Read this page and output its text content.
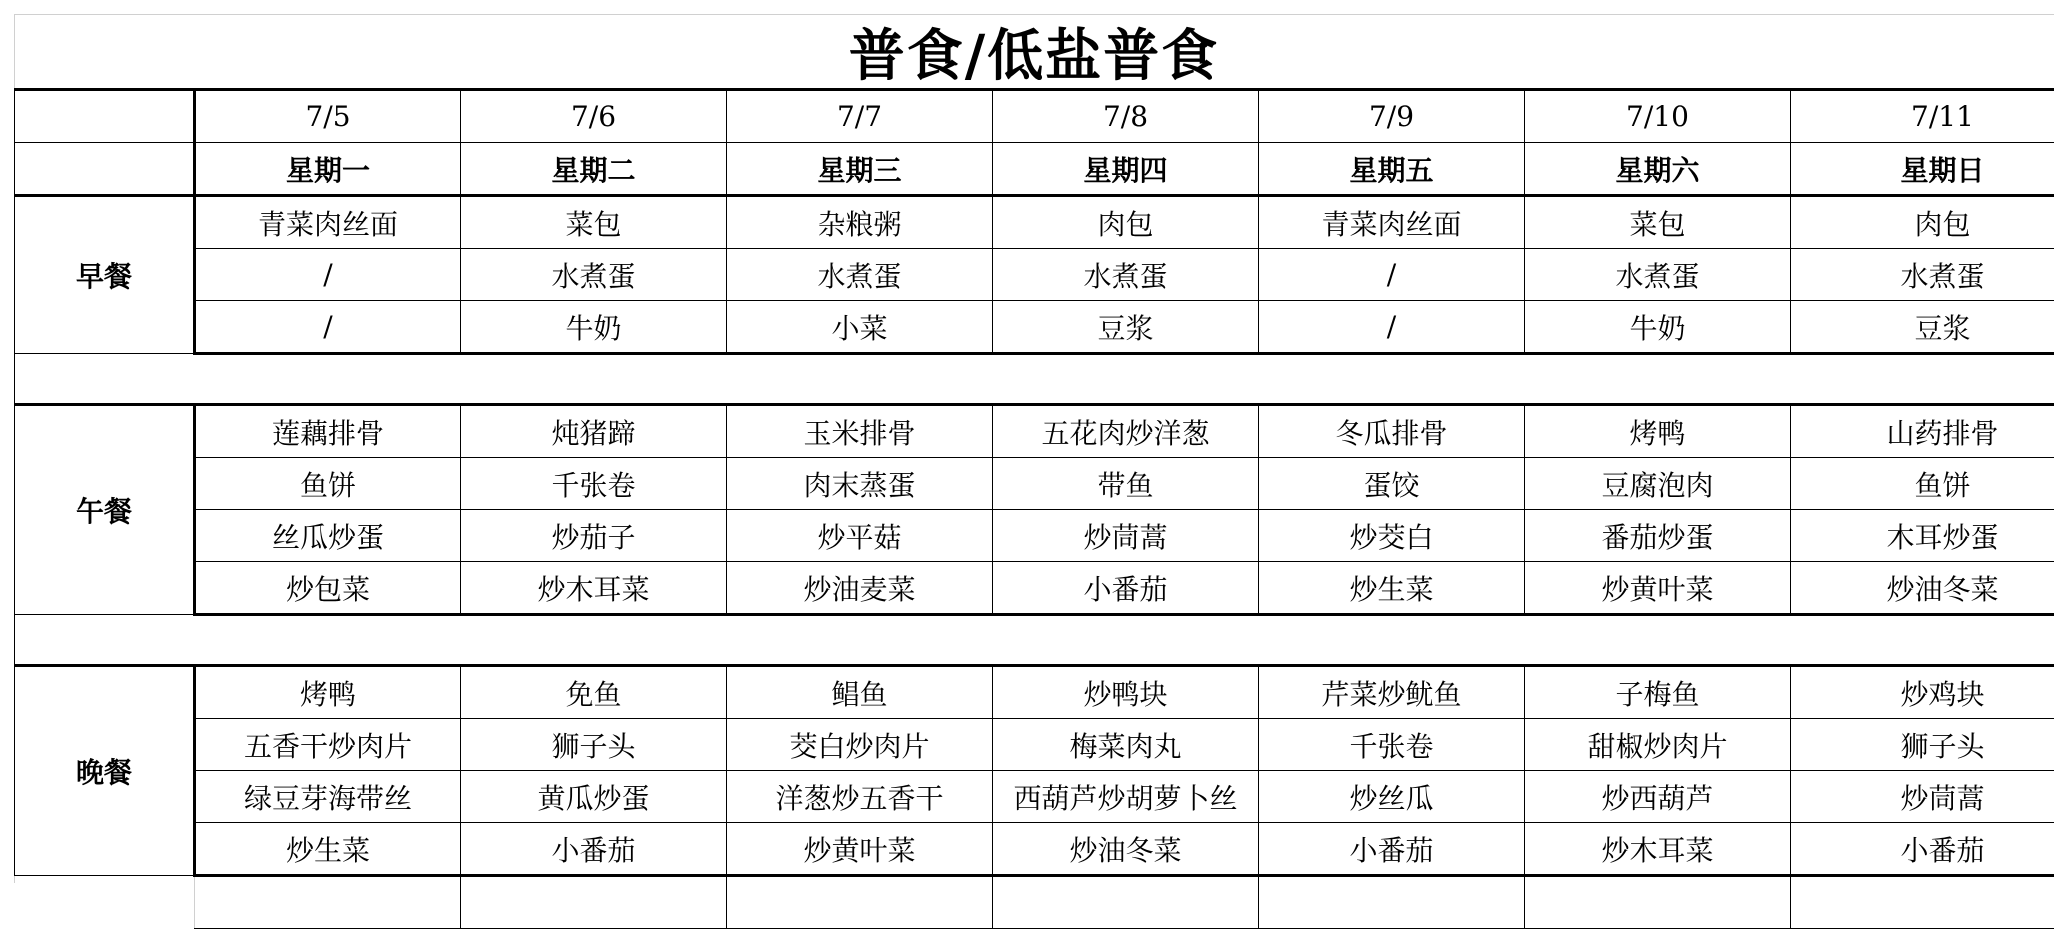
普食/低盐普食
	7/5	7/6	7/7	7/8	7/9	7/10	7/11
	星期一	星期二	星期三	星期四	星期五	星期六	星期日
早餐	青菜肉丝面	菜包	杂粮粥	肉包	青菜肉丝面	菜包	肉包
	/	水煮蛋	水煮蛋	水煮蛋	/	水煮蛋	水煮蛋
	/	牛奶	小菜	豆浆	/	牛奶	豆浆

午餐	莲藕排骨	炖猪蹄	玉米排骨	五花肉炒洋葱	冬瓜排骨	烤鸭	山药排骨
	鱼饼	千张卷	肉末蒸蛋	带鱼	蛋饺	豆腐泡肉	鱼饼
	丝瓜炒蛋	炒茄子	炒平菇	炒茼蒿	炒茭白	番茄炒蛋	木耳炒蛋
	炒包菜	炒木耳菜	炒油麦菜	小番茄	炒生菜	炒黄叶菜	炒油冬菜

晚餐	烤鸭	免鱼	鲳鱼	炒鸭块	芹菜炒鱿鱼	子梅鱼	炒鸡块
	五香干炒肉片	狮子头	茭白炒肉片	梅菜肉丸	千张卷	甜椒炒肉片	狮子头
	绿豆芽海带丝	黄瓜炒蛋	洋葱炒五香干	西葫芦炒胡萝卜丝	炒丝瓜	炒西葫芦	炒茼蒿
	炒生菜	小番茄	炒黄叶菜	炒油冬菜	小番茄	炒木耳菜	小番茄
